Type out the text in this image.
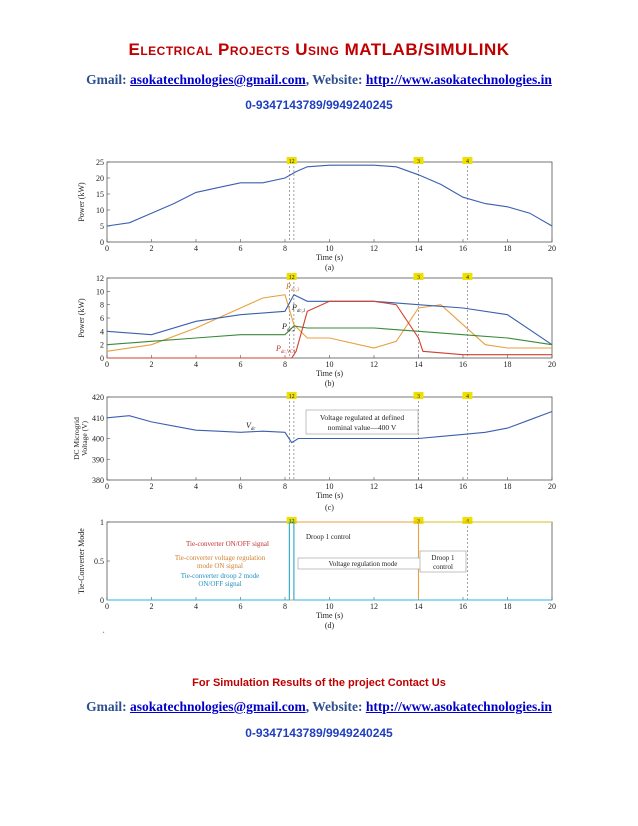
Electrical Projects Using MATLAB/SIMULINK
Gmail: asokatechnologies@gmail.com, Website: http://www.asokatechnologies.in
0-9347143789/9949240245
0	2	4	6	8	10	12	14	16	18	20
0
5
10
15
20
25
Time (s)
(a)
Power (kW)
12	3	4
0	2	4	6	8	10	12	14	16	18	20
0
2
4
6
8
10
12
Time (s)
(b)
Power (kW)
12	3	4
0	2	4	6	8	10	12	14	16	18	20
380
390
400
410
420
Time (s)
(c)
DC Microgrid Voltage (V)
12	3	4
0	2	4	6	8	10	12	14	16	18	20
0
0.5
1
Time (s)
(d)
Tie-Converter Mode
12	3	4
$P_{dc,3}$
$P_{dc,1}$
$P_{dc,2}$
$P_{dc,VC1}$
Voltage regulated at defined
nominal value—400 V
$V_{dc}$
Tie-converter ON/OFF signal
Tie-converter voltage regulation
mode ON signal
Tie-converter droop 2 mode
ON/OFF signal
Droop 1 control
Voltage regulation mode
Droop 1
control
.
For Simulation Results of the project Contact Us
Gmail: asokatechnologies@gmail.com, Website: http://www.asokatechnologies.in
0-9347143789/9949240245
